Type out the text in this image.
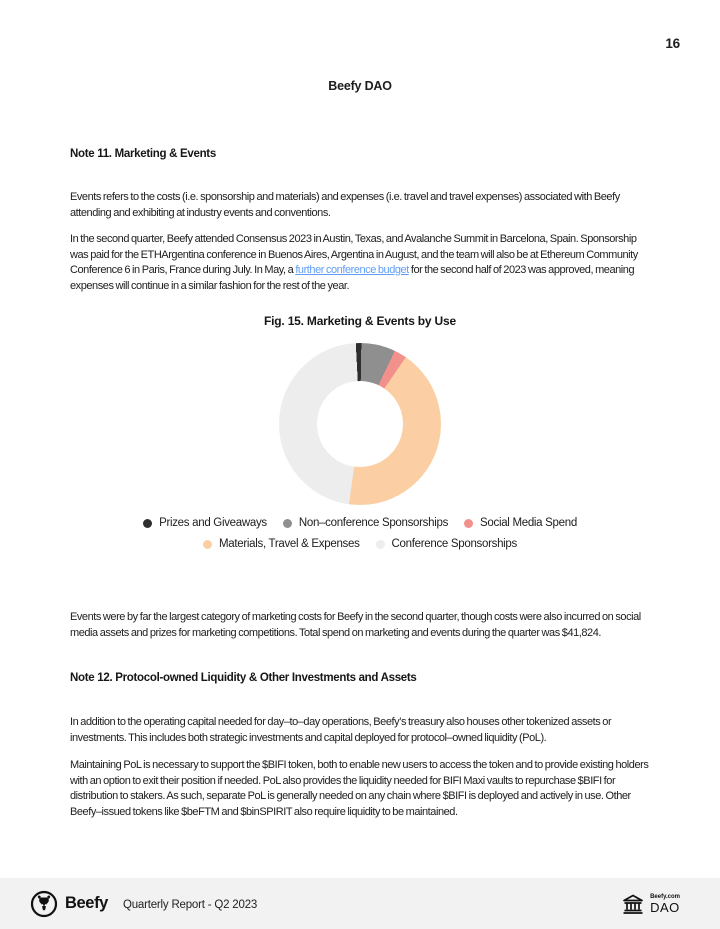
16
Beefy DAO
Note 11. Marketing & Events

Events refers to the costs (i.e. sponsorship and materials) and expenses (i.e. travel and travel expenses) associated with Beefy attending and exhibiting at industry events and conventions.

In the second quarter, Beefy attended Consensus 2023 in Austin, Texas, and Avalanche Summit in Barcelona, Spain. Sponsorship was paid for the ETHArgentina conference in Buenos Aires, Argentina in August, and the team will also be at Ethereum Community Conference 6 in Paris, France during July. In May, a further conference budget for the second half of 2023 was approved, meaning expenses will continue in a similar fashion for the rest of the year.

Fig. 15. Marketing & Events by Use
Prizes and Giveaways	Non–conference Sponsorships	Social Media Spend
Materials, Travel & Expenses	Conference Sponsorships

Events were by far the largest category of marketing costs for Beefy in the second quarter, though costs were also incurred on social media assets and prizes for marketing competitions. Total spend on marketing and events during the quarter was $41,824.

Note 12. Protocol-owned Liquidity & Other Investments and Assets

In addition to the operating capital needed for day–to–day operations, Beefy’s treasury also houses other tokenized assets or investments. This includes both strategic investments and capital deployed for protocol–owned liquidity (PoL).

Maintaining PoL is necessary to support the $BIFI token, both to enable new users to access the token and to provide existing holders with an option to exit their position if needed. PoL also provides the liquidity needed for BIFI Maxi vaults to repurchase $BIFI for distribution to stakers. As such, separate PoL is generally needed on any chain where $BIFI is deployed and actively in use. Other Beefy–issued tokens like $beFTM and $binSPIRIT also require liquidity to be maintained.

Beefy Quarterly Report - Q2 2023
Beefy.com
DAO
